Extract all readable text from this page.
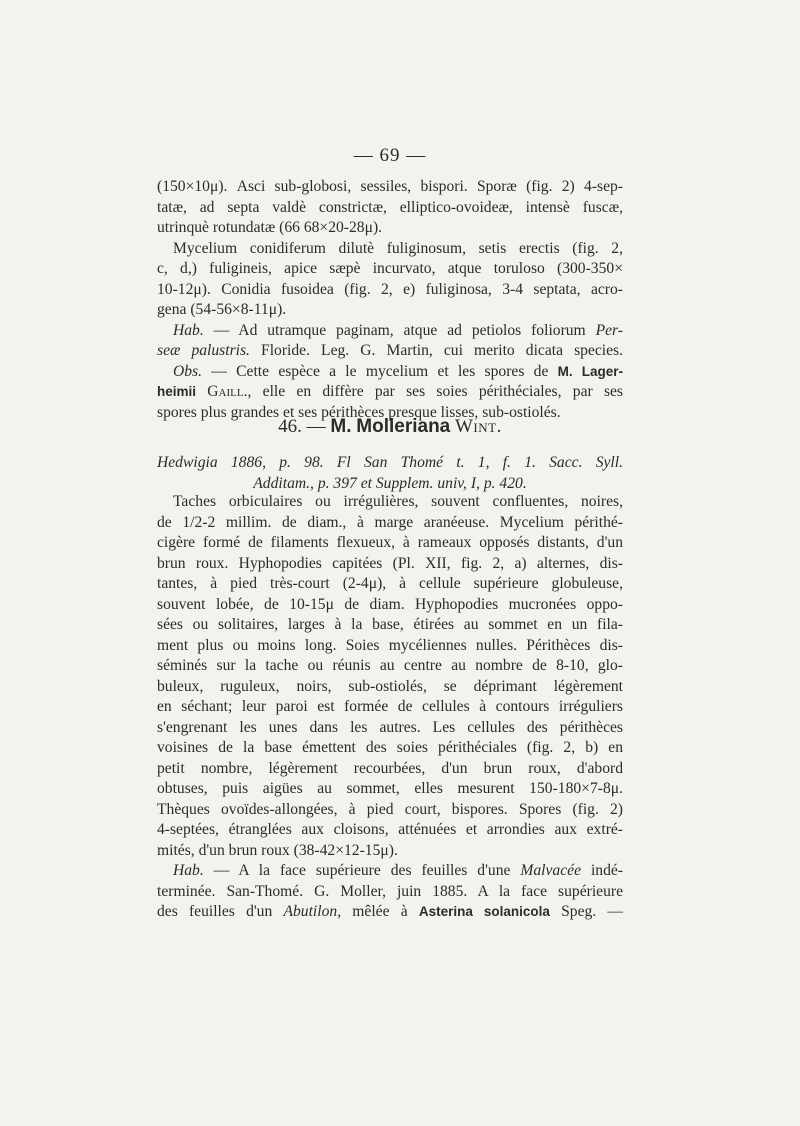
— 69 —
(150×10μ). Asci sub-globosi, sessiles, bispori. Sporæ (fig. 2) 4-sep-
tatæ, ad septa valdè constrictæ, elliptico-ovoideæ, intensè fuscæ,
utrinquè rotundatæ (66 68×20-28μ).
Mycelium conidiferum dilutè fuliginosum, setis erectis (fig. 2,
c, d,) fuligineis, apice sæpè incurvato, atque toruloso (300-350×
10-12μ). Conidia fusoidea (fig. 2, e) fuliginosa, 3-4 septata, acro-
gena (54-56×8-11μ).
Hab. — Ad utramque paginam, atque ad petiolos foliorum Per-
seæ palustris. Floride. Leg. G. Martin, cui merito dicata species.
Obs. — Cette espèce a le mycelium et les spores de M. Lager-
heimii Gaill., elle en diffère par ses soies périthéciales, par ses
spores plus grandes et ses périthèces presque lisses, sub-ostiolés.
46. — M. Molleriana Wint.
Hedwigia 1886, p. 98. Fl San Thomé t. 1, f. 1. Sacc. Syll.
Additam., p. 397 et Supplem. univ, I, p. 420.
Taches orbiculaires ou irrégulières, souvent confluentes, noires,
de 1/2-2 millim. de diam., à marge aranéeuse. Mycelium périthé-
cigère formé de filaments flexueux, à rameaux opposés distants, d'un
brun roux. Hyphopodies capitées (Pl. XII, fig. 2, a) alternes, dis-
tantes, à pied très-court (2-4μ), à cellule supérieure globuleuse,
souvent lobée, de 10-15μ de diam. Hyphopodies mucronées oppo-
sées ou solitaires, larges à la base, étirées au sommet en un fila-
ment plus ou moins long. Soies mycéliennes nulles. Périthèces dis-
séminés sur la tache ou réunis au centre au nombre de 8-10, glo-
buleux, ruguleux, noirs, sub-ostiolés, se déprimant légèrement
en séchant; leur paroi est formée de cellules à contours irréguliers
s'engrenant les unes dans les autres. Les cellules des périthèces
voisines de la base émettent des soies périthéciales (fig. 2, b) en
petit nombre, légèrement recourbées, d'un brun roux, d'abord
obtuses, puis aigües au sommet, elles mesurent 150-180×7-8μ.
Thèques ovoïdes-allongées, à pied court, bispores. Spores (fig. 2)
4-septées, étranglées aux cloisons, atténuées et arrondies aux extré-
mités, d'un brun roux (38-42×12-15μ).
Hab. — A la face supérieure des feuilles d'une Malvacée indé-
terminée. San-Thomé. G. Moller, juin 1885. A la face supérieure
des feuilles d'un Abutilon, mêlée à Asterina solanicola Speg. —
